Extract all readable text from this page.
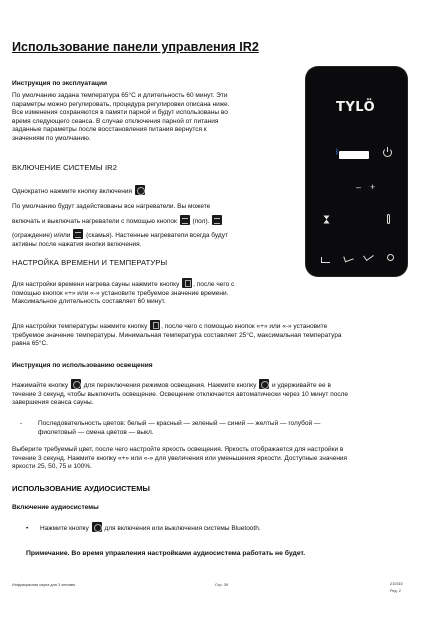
Использование панели управления IR2
Инструкция по эксплуатации
По умолчанию задана температура 65°C и длительность 60 минут. Эти
параметры можно регулировать, процедура регулировки описана ниже.
Все изменения сохраняются в памяти парной и будут использованы во
время следующего сеанса. В случае отключения парной от питания
заданные параметры после восстановления питания вернутся к
значениям по умолчанию.
ВКЛЮЧЕНИЕ СИСТЕМЫ IR2
Однократно нажмите кнопку включения
По умолчанию будут задействованы все нагреватели. Вы можете
включать и выключать нагреватели с помощью кнопок (пол).
(ограждение) и/или (скамья). Настенные нагреватели всегда будут
активны после нажатия кнопки включения.
НАСТРОЙКА ВРЕМЕНИ И ТЕМПЕРАТУРЫ
Для настройки времени нагрева сауны нажмите кнопку , после чего с
помощью кнопок «+» или «-» установите требуемое значение времени.
Максимальное длительность составляет 60 минут.
Для настройки температуры нажмите кнопку , после чего с помощью кнопок «+» или «-» установите
требуемое значение температуры. Минимальная температура составляет 25°C, максимальная температура
равна 65°C.
Инструкция по использованию освещения
Нажимайте кнопку для переключения режимов освещения. Нажмите кнопку и удерживайте ее в
течение 3 секунд, чтобы выключить освещение. Освещение отключается автоматически через 10 минут после
завершения сеанса сауны.
- Последовательность цветов: белый — красный — зеленый — синий — желтый — голубой —
фиолетовый — смена цветов — выкл.
Выберите требуемый цвет, после чего настройте яркость освещения. Яркость отображается для настройки в
течение 3 секунд. Нажмите кнопку «+» или «-» для увеличения или уменьшения яркости. Доступные значения
яркости 25, 50, 75 и 100%.
ИСПОЛЬЗОВАНИЕ АУДИОСИСТЕМЫ
Включение аудиосистемы
• Нажмите кнопку для включения или выключения системы Bluetooth.
Примечание. Во время управления настройками аудиосистема работать не будет.
Инфракрасная сауна для 3 человек	Стр. 39	210315
Ред. 2
TYLÖ
ᛒ
– +
